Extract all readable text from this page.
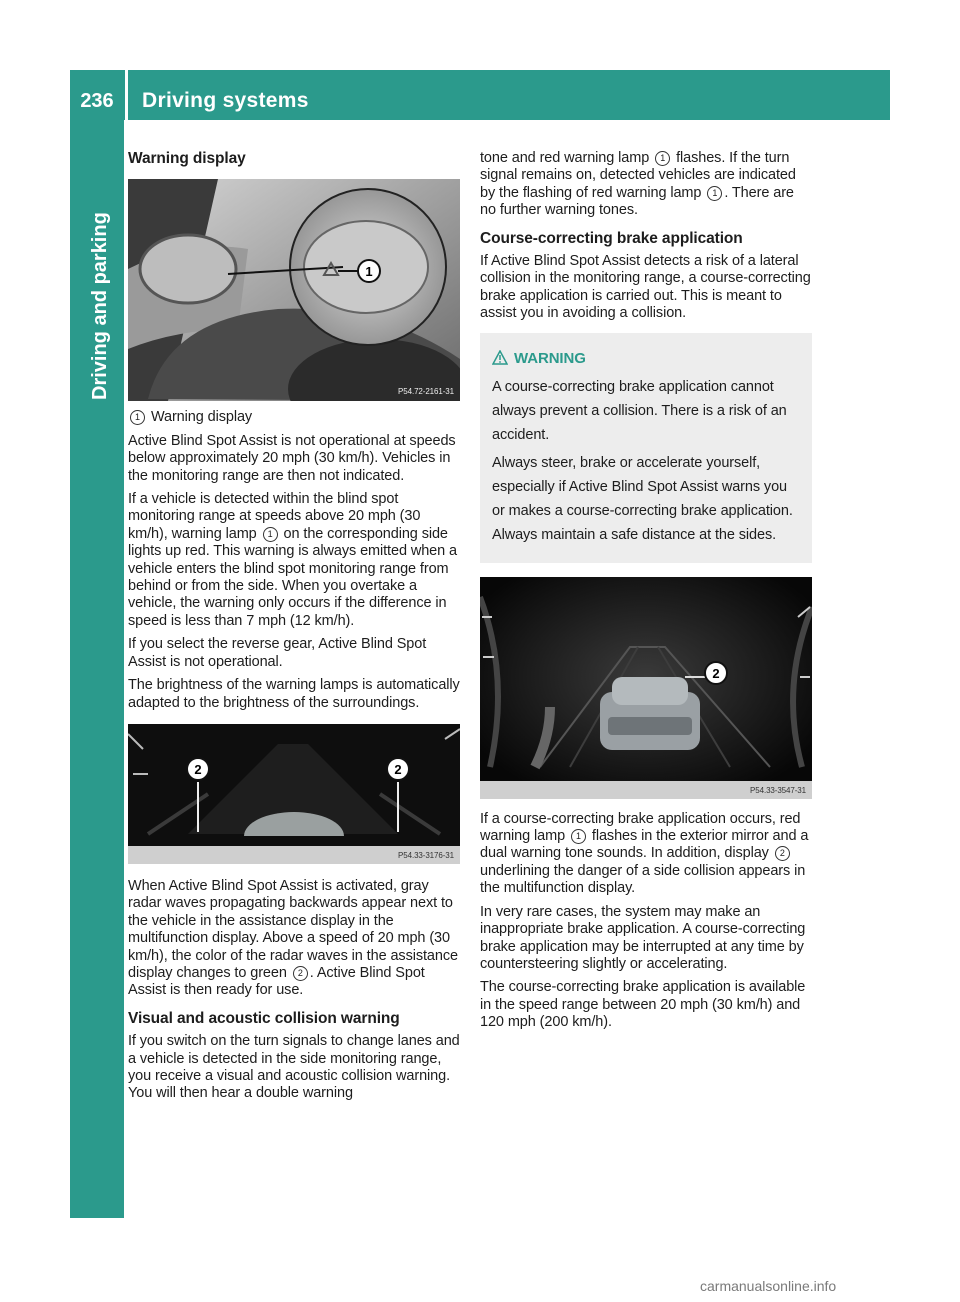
236	Driving systems
Driving and parking
Warning display
1
P54.72-2161-31

1 Warning display

Active Blind Spot Assist is not operational at speeds below approximately 20 mph (30 km/h). Vehicles in the monitoring range are then not indicated.

If a vehicle is detected within the blind spot monitoring range at speeds above 20 mph (30 km/h), warning lamp 1 on the corresponding side lights up red. This warning is always emitted when a vehicle enters the blind spot monitoring range from behind or from the side. When you overtake a vehicle, the warning only occurs if the difference in speed is less than 7 mph (12 km/h).

If you select the reverse gear, Active Blind Spot Assist is not operational.

The brightness of the warning lamps is automatically adapted to the brightness of the surroundings.

2	2
P54.33-3176-31

When Active Blind Spot Assist is activated, gray radar waves propagating backwards appear next to the vehicle in the assistance display in the multifunction display. Above a speed of 20 mph (30 km/h), the color of the radar waves in the assistance display changes to green 2 . Active Blind Spot Assist is then ready for use.

Visual and acoustic collision warning

If you switch on the turn signals to change lanes and a vehicle is detected in the side monitoring range, you receive a visual and acoustic collision warning. You will then hear a double warning

tone and red warning lamp 1 flashes. If the turn signal remains on, detected vehicles are indicated by the flashing of red warning lamp 1 . There are no further warning tones.

Course-correcting brake application

If Active Blind Spot Assist detects a risk of a lateral collision in the monitoring range, a course-correcting brake application is carried out. This is meant to assist you in avoiding a collision.

WARNING

A course-correcting brake application cannot always prevent a collision. There is a risk of an accident.

Always steer, brake or accelerate yourself, especially if Active Blind Spot Assist warns you or makes a course-correcting brake application. Always maintain a safe distance at the sides.

2
P54.33-3547-31

If a course-correcting brake application occurs, red warning lamp 1 flashes in the exterior mirror and a dual warning tone sounds. In addition, display 2 underlining the danger of a side collision appears in the multifunction display.

In very rare cases, the system may make an inappropriate brake application. A course-correcting brake application may be interrupted at any time by countersteering slightly or accelerating.

The course-correcting brake application is available in the speed range between 20 mph (30 km/h) and 120 mph (200 km/h).

carmanualsonline.info
